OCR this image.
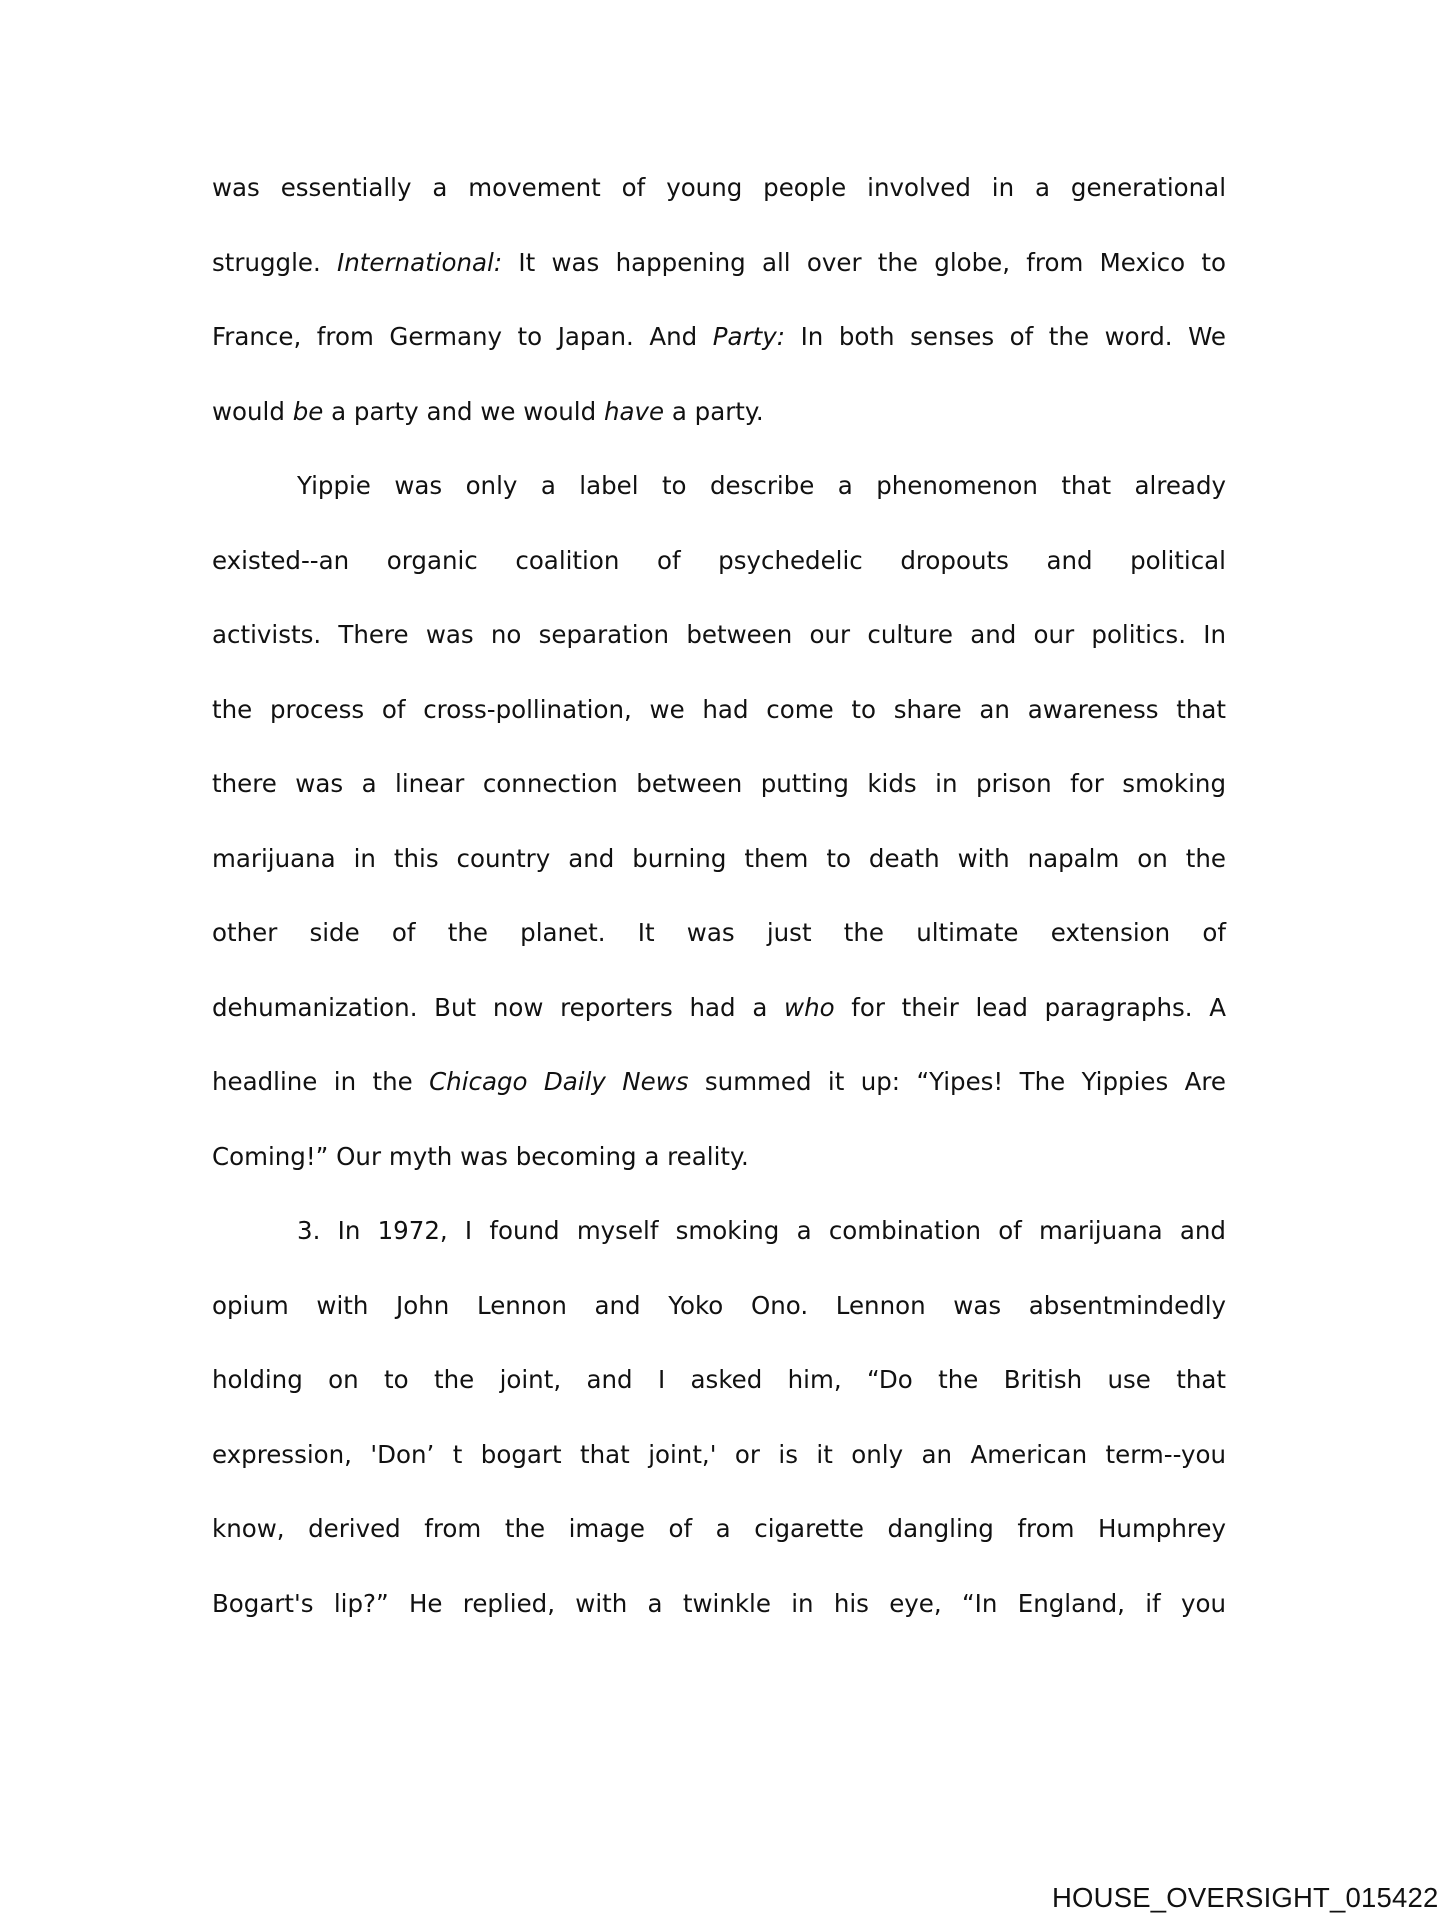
was essentially a movement of young people involved in a generational
struggle. International: It was happening all over the globe, from Mexico to
France, from Germany to Japan. And Party: In both senses of the word. We
would be a party and we would have a party.
Yippie was only a label to describe a phenomenon that already
existed--an organic coalition of psychedelic dropouts and political
activists. There was no separation between our culture and our politics. In
the process of cross-pollination, we had come to share an awareness that
there was a linear connection between putting kids in prison for smoking
marijuana in this country and burning them to death with napalm on the
other side of the planet. It was just the ultimate extension of
dehumanization. But now reporters had a who for their lead paragraphs. A
headline in the Chicago Daily News summed it up: “Yipes! The Yippies Are
Coming!” Our myth was becoming a reality.
3. In 1972, I found myself smoking a combination of marijuana and
opium with John Lennon and Yoko Ono. Lennon was absentmindedly
holding on to the joint, and I asked him, “Do the British use that
expression, 'Don’ t bogart that joint,' or is it only an American term--you
know, derived from the image of a cigarette dangling from Humphrey
Bogart's lip?” He replied, with a twinkle in his eye, “In England, if you
HOUSE_OVERSIGHT_015422
